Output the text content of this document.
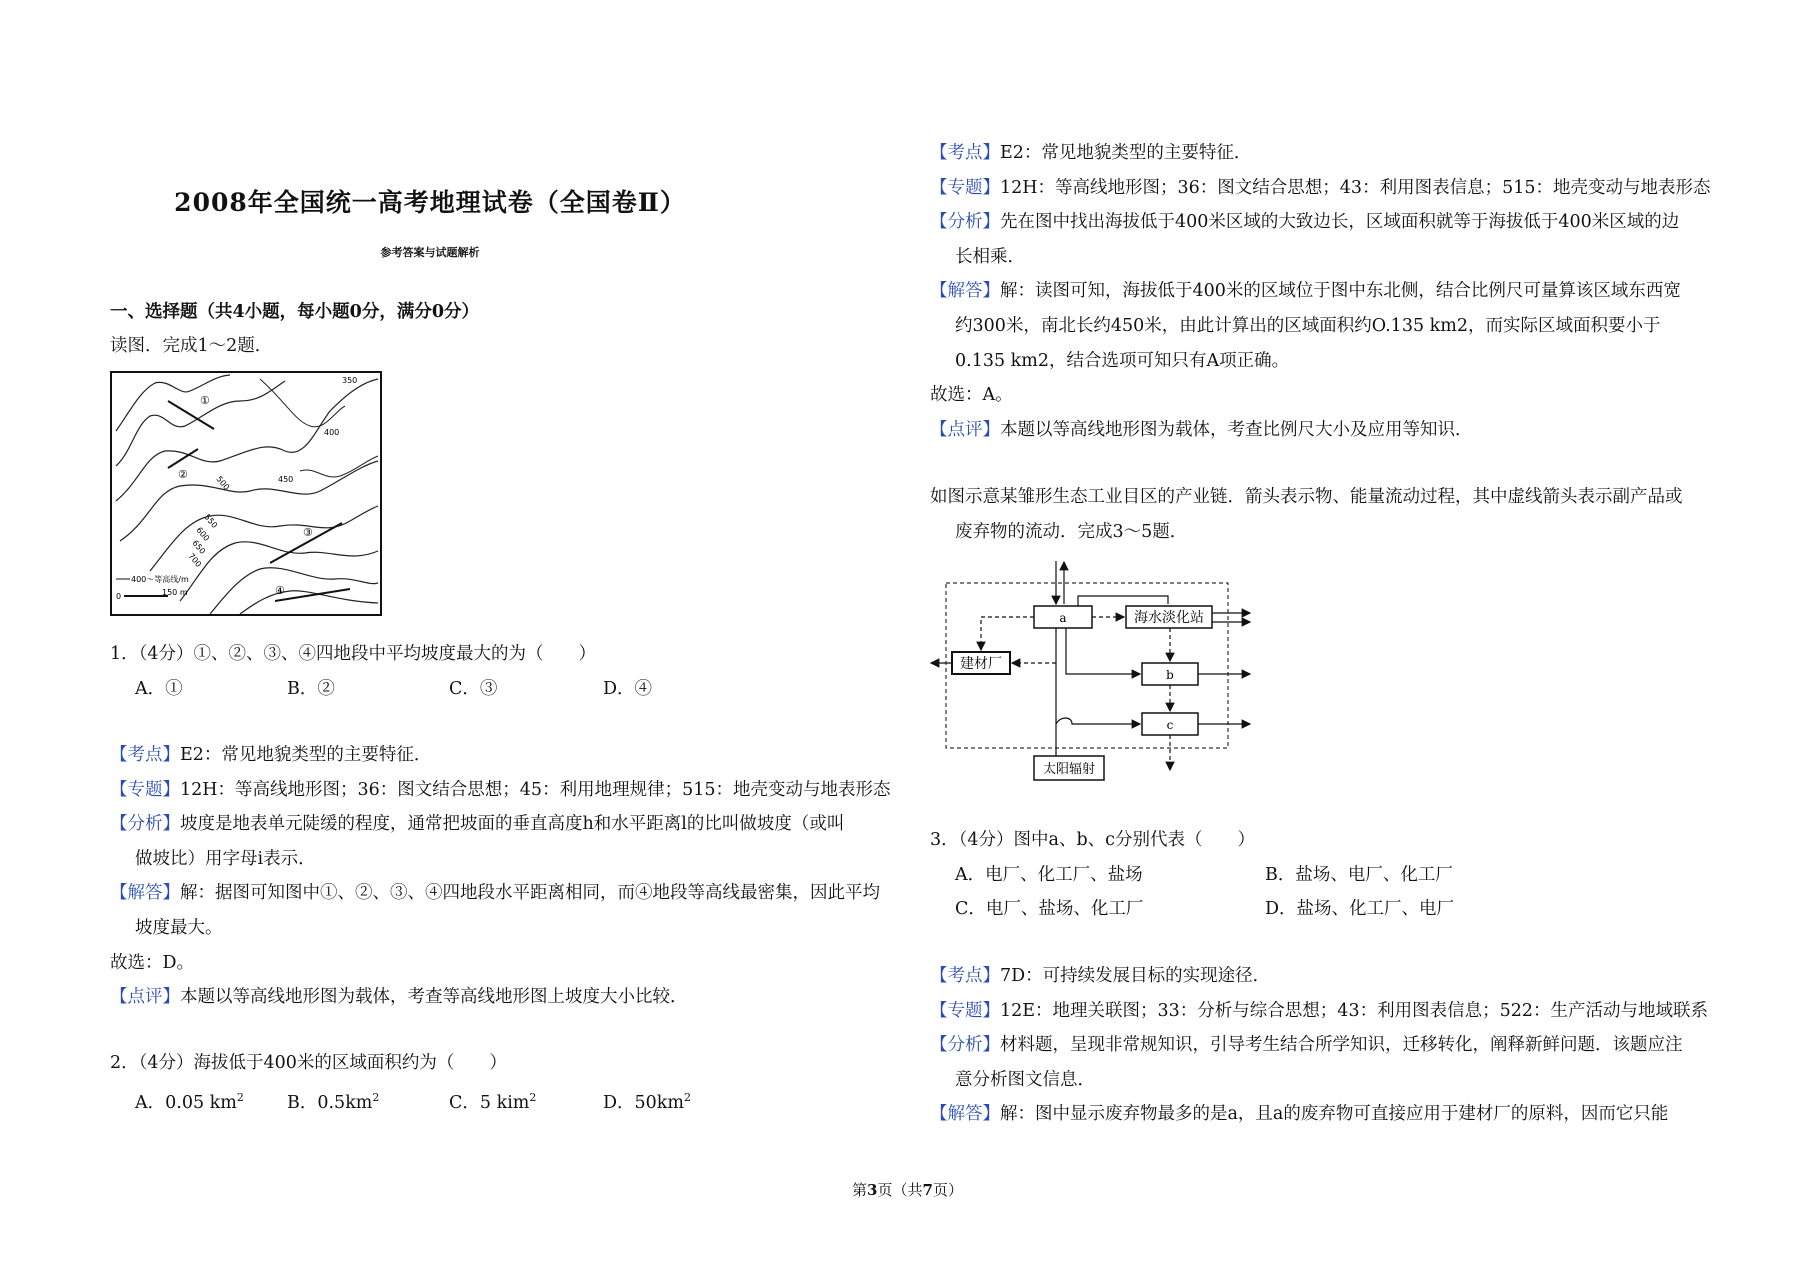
2008年全国统一高考地理试卷（全国卷Ⅱ）
参考答案与试题解析
一、选择题（共4小题，每小题0分，满分0分）
读图．完成1～2题．
350
400
450
500
550
600
650
700
①
②
③
④
400～等高线/m
0	150 m
1．（4分）①、②、③、④四地段中平均坡度最大的为（　　）
A．①	B．②	C．③	D．④
【考点】E2：常见地貌类型的主要特征．
【专题】12H：等高线地形图；36：图文结合思想；45：利用地理规律；515：地壳变动与地表形态
【分析】坡度是地表单元陡缓的程度，通常把坡面的垂直高度h和水平距离l的比叫做坡度（或叫
做坡比）用字母i表示．
【解答】解：据图可知图中①、②、③、④四地段水平距离相同，而④地段等高线最密集，因此平均
坡度最大。
故选：D。
【点评】本题以等高线地形图为载体，考查等高线地形图上坡度大小比较．
2．（4分）海拔低于400米的区域面积约为（　　）
A．0.05 $km^2$ B．$0.5km^2$	C．5 kim$^2$	D．$50km^2$
【考点】E2：常见地貌类型的主要特征．
【专题】12H：等高线地形图；36：图文结合思想；43：利用图表信息；515：地壳变动与地表形态
【分析】先在图中找出海拔低于400米区域的大致边长，区域面积就等于海拔低于400米区域的边
长相乘．
【解答】解：读图可知，海拔低于400米的区域位于图中东北侧，结合比例尺可量算该区域东西宽
约300米，南北长约450米，由此计算出的区域面积约O.135 km2，而实际区域面积要小于
0.135 km2，结合选项可知只有A项正确。
故选：A。
【点评】本题以等高线地形图为载体，考查比例尺大小及应用等知识．
如图示意某雏形生态工业目区的产业链．箭头表示物、能量流动过程，其中虚线箭头表示副产品或
废弃物的流动．完成3～5题．
a	海水淡化站
建材厂
b
c
太阳辐射
3．（4分）图中a、b、c分别代表（　　）
A．电厂、化工厂、盐场	B．盐场、电厂、化工厂
C．电厂、盐场、化工厂	D．盐场、化工厂、电厂
【考点】7D：可持续发展目标的实现途径．
【专题】12E：地理关联图；33：分析与综合思想；43：利用图表信息；522：生产活动与地域联系
【分析】材料题，呈现非常规知识，引导考生结合所学知识，迁移转化，阐释新鲜问题．该题应注
意分析图文信息．
【解答】解：图中显示废弃物最多的是a，且a的废弃物可直接应用于建材厂的原料，因而它只能
第3页（共7页）
